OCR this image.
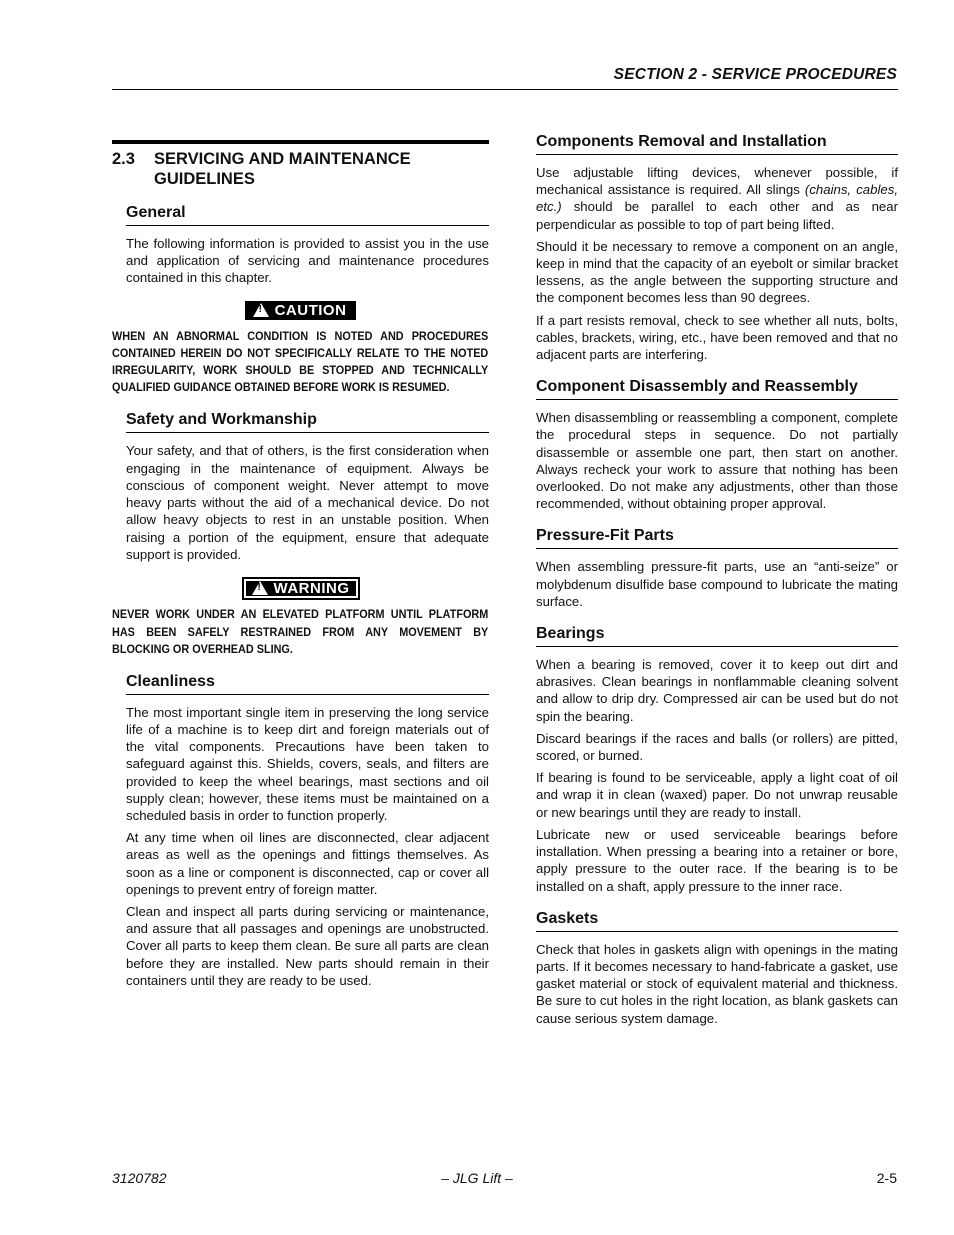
SECTION 2 - SERVICE PROCEDURES
2.3	SERVICING AND MAINTENANCE GUIDELINES
General

The following information is provided to assist you in the use and application of servicing and maintenance procedures contained in this chapter.

!
CAUTION

WHEN AN ABNORMAL CONDITION IS NOTED AND PROCEDURES CONTAINED HEREIN DO NOT SPECIFICALLY RELATE TO THE NOTED IRREGULARITY, WORK SHOULD BE STOPPED AND TECHNICALLY QUALIFIED GUIDANCE OBTAINED BEFORE WORK IS RESUMED.

Safety and Workmanship

Your safety, and that of others, is the first consideration when engaging in the maintenance of equipment. Always be conscious of component weight. Never attempt to move heavy parts without the aid of a mechanical device. Do not allow heavy objects to rest in an unstable position. When raising a portion of the equipment, ensure that adequate support is provided.

!
WARNING

NEVER WORK UNDER AN ELEVATED PLATFORM UNTIL PLATFORM HAS BEEN SAFELY RESTRAINED FROM ANY MOVEMENT BY BLOCKING OR OVERHEAD SLING.

Cleanliness

The most important single item in preserving the long service life of a machine is to keep dirt and foreign materials out of the vital components. Precautions have been taken to safeguard against this. Shields, covers, seals, and filters are provided to keep the wheel bearings, mast sections and oil supply clean; however, these items must be maintained on a scheduled basis in order to function properly.

At any time when oil lines are disconnected, clear adjacent areas as well as the openings and fittings themselves. As soon as a line or component is disconnected, cap or cover all openings to prevent entry of foreign matter.

Clean and inspect all parts during servicing or maintenance, and assure that all passages and openings are unobstructed. Cover all parts to keep them clean. Be sure all parts are clean before they are installed. New parts should remain in their containers until they are ready to be used.

Components Removal and Installation

Use adjustable lifting devices, whenever possible, if mechanical assistance is required. All slings (chains, cables, etc.) should be parallel to each other and as near perpendicular as possible to top of part being lifted.

Should it be necessary to remove a component on an angle, keep in mind that the capacity of an eyebolt or similar bracket lessens, as the angle between the supporting structure and the component becomes less than 90 degrees.

If a part resists removal, check to see whether all nuts, bolts, cables, brackets, wiring, etc., have been removed and that no adjacent parts are interfering.

Component Disassembly and Reassembly

When disassembling or reassembling a component, complete the procedural steps in sequence. Do not partially disassemble or assemble one part, then start on another. Always recheck your work to assure that nothing has been overlooked. Do not make any adjustments, other than those recommended, without obtaining proper approval.

Pressure-Fit Parts

When assembling pressure-fit parts, use an “anti-seize” or molybdenum disulfide base compound to lubricate the mating surface.

Bearings

When a bearing is removed, cover it to keep out dirt and abrasives. Clean bearings in nonflammable cleaning solvent and allow to drip dry. Compressed air can be used but do not spin the bearing.

Discard bearings if the races and balls (or rollers) are pitted, scored, or burned.

If bearing is found to be serviceable, apply a light coat of oil and wrap it in clean (waxed) paper. Do not unwrap reusable or new bearings until they are ready to install.

Lubricate new or used serviceable bearings before installation. When pressing a bearing into a retainer or bore, apply pressure to the outer race. If the bearing is to be installed on a shaft, apply pressure to the inner race.

Gaskets

Check that holes in gaskets align with openings in the mating parts. If it becomes necessary to hand-fabricate a gasket, use gasket material or stock of equivalent material and thickness. Be sure to cut holes in the right location, as blank gaskets can cause serious system damage.

– JLG Lift –
3120782	2-5
